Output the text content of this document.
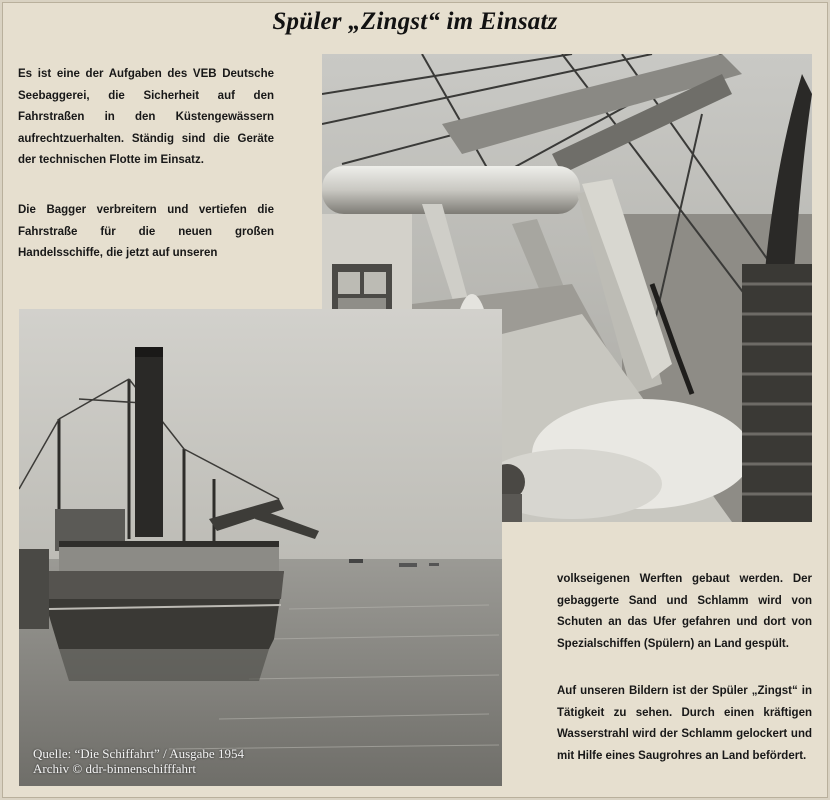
Spüler „Zingst“ im Einsatz
Es ist eine der Aufgaben des VEB Deutsche Seebaggerei, die Sicherheit auf den Fahrstraßen in den Küstengewässern aufrechtzuerhalten. Ständig sind die Geräte der technischen Flotte im Einsatz.
Die Bagger verbreitern und vertiefen die Fahrstraße für die neuen großen Handelsschiffe, die jetzt auf unseren
volkseigenen Werften gebaut werden. Der gebaggerte Sand und Schlamm wird von Schuten an das Ufer gefahren und dort von Spezialschiffen (Spülern) an Land gespült.
Auf unseren Bildern ist der Spüler „Zingst“ in Tätigkeit zu sehen. Durch einen kräftigen Wasserstrahl wird der Schlamm gelockert und mit Hilfe eines Saugrohres an Land befördert.
Quelle: “Die Schiffahrt” / Ausgabe 1954
Archiv © ddr-binnenschifffahrt
